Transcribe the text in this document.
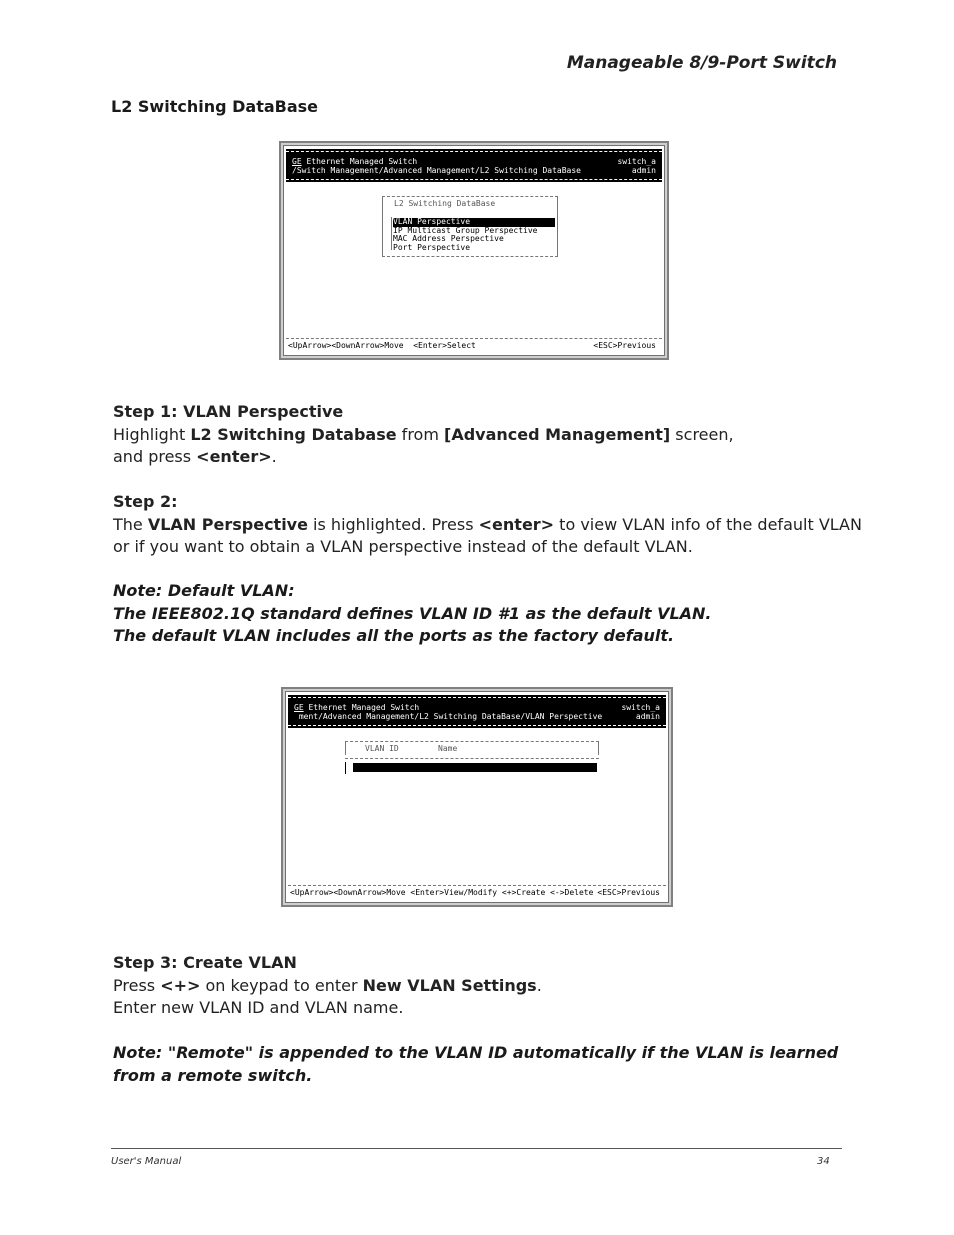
Manageable 8/9-Port Switch
L2 Switching DataBase
GE Ethernet Managed Switch
/Switch Management/Advanced Management/L2 Switching DataBase
switch_a
admin
L2 Switching DataBase
VLAN Perspective
IP Multicast Group Perspective
MAC Address Perspective
Port Perspective

<UpArrow><DownArrow>Move  <Enter>Select

	<ESC>Previous

Step 1: VLAN Perspective
Highlight L2 Switching Database from [Advanced Management] screen,
and press <enter>.
Step 2:
The VLAN Perspective is highlighted. Press <enter> to view VLAN info of the default VLAN
or if you want to obtain a VLAN perspective instead of the default VLAN.
Note: Default VLAN:
The IEEE802.1Q standard defines VLAN ID #1 as the default VLAN.
The default VLAN includes all the ports as the factory default.
GE Ethernet Managed Switch
ment/Advanced Management/L2 Switching DataBase/VLAN Perspective
switch_a
admin
VLAN ID	Name

1	(0x001) Default

<UpArrow><DownArrow>Move <Enter>View/Modify <+>Create <->Delete

<ESC>Previous

Step 3: Create VLAN
Press <+> on keypad to enter New VLAN Settings.
Enter new VLAN ID and VLAN name.
Note: "Remote" is appended to the VLAN ID automatically if the VLAN is learned
from a remote switch.
User's Manual	34
